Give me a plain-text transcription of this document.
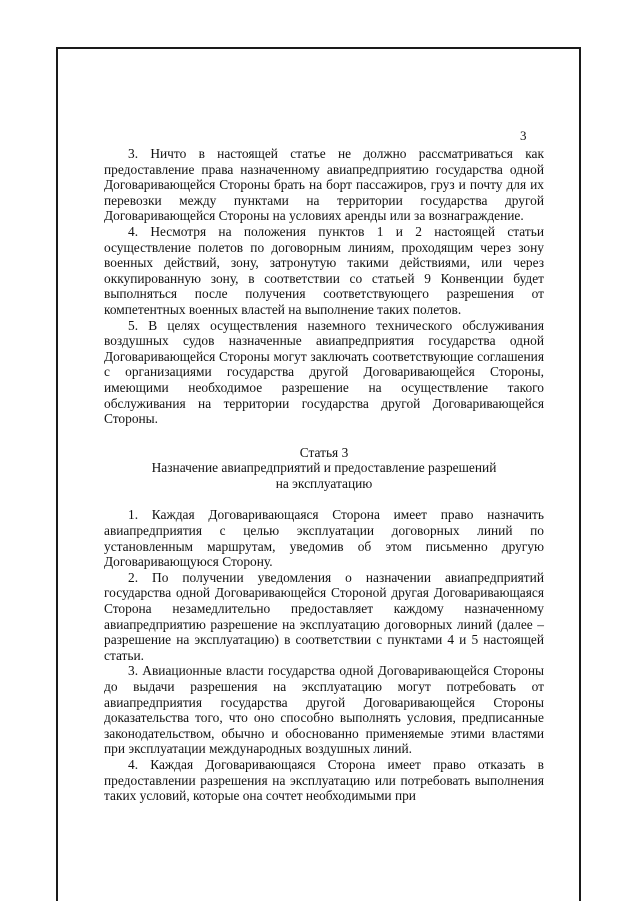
3

3. Ничто в настоящей статье не должно рассматриваться как предоставление права назначенному авиапредприятию государства одной Договаривающейся Стороны брать на борт пассажиров, груз и почту для их перевозки между пунктами на территории государства другой Договаривающейся Стороны на условиях аренды или за вознаграждение.

4. Несмотря на положения пунктов 1 и 2 настоящей статьи осуществление полетов по договорным линиям, проходящим через зону военных действий, зону, затронутую такими действиями, или через оккупированную зону, в соответствии со статьей 9 Конвенции будет выполняться после получения соответствующего разрешения от компетентных военных властей на выполнение таких полетов.

5. В целях осуществления наземного технического обслуживания воздушных судов назначенные авиапредприятия государства одной Договаривающейся Стороны могут заключать соответствующие соглашения с организациями государства другой Договаривающейся Стороны, имеющими необходимое разрешение на осуществление такого обслуживания на территории государства другой Договаривающейся Стороны.

Статья 3

Назначение авиапредприятий и предоставление разрешений

на эксплуатацию

1. Каждая Договаривающаяся Сторона имеет право назначить авиапредприятия с целью эксплуатации договорных линий по установленным маршрутам, уведомив об этом письменно другую Договаривающуюся Сторону.

2. По получении уведомления о назначении авиапредприятий государства одной Договаривающейся Стороной другая Договаривающаяся Сторона незамедлительно предоставляет каждому назначенному авиапредприятию разрешение на эксплуатацию договорных линий (далее – разрешение на эксплуатацию) в соответствии с пунктами 4 и 5 настоящей статьи.

3. Авиационные власти государства одной Договаривающейся Стороны до выдачи разрешения на эксплуатацию могут потребовать от авиапредприятия государства другой Договаривающейся Стороны доказательства того, что оно способно выполнять условия, предписанные законодательством, обычно и обоснованно применяемые этими властями при эксплуатации международных воздушных линий.

4. Каждая Договаривающаяся Сторона имеет право отказать в предоставлении разрешения на эксплуатацию или потребовать выполнения таких условий, которые она сочтет необходимыми при
